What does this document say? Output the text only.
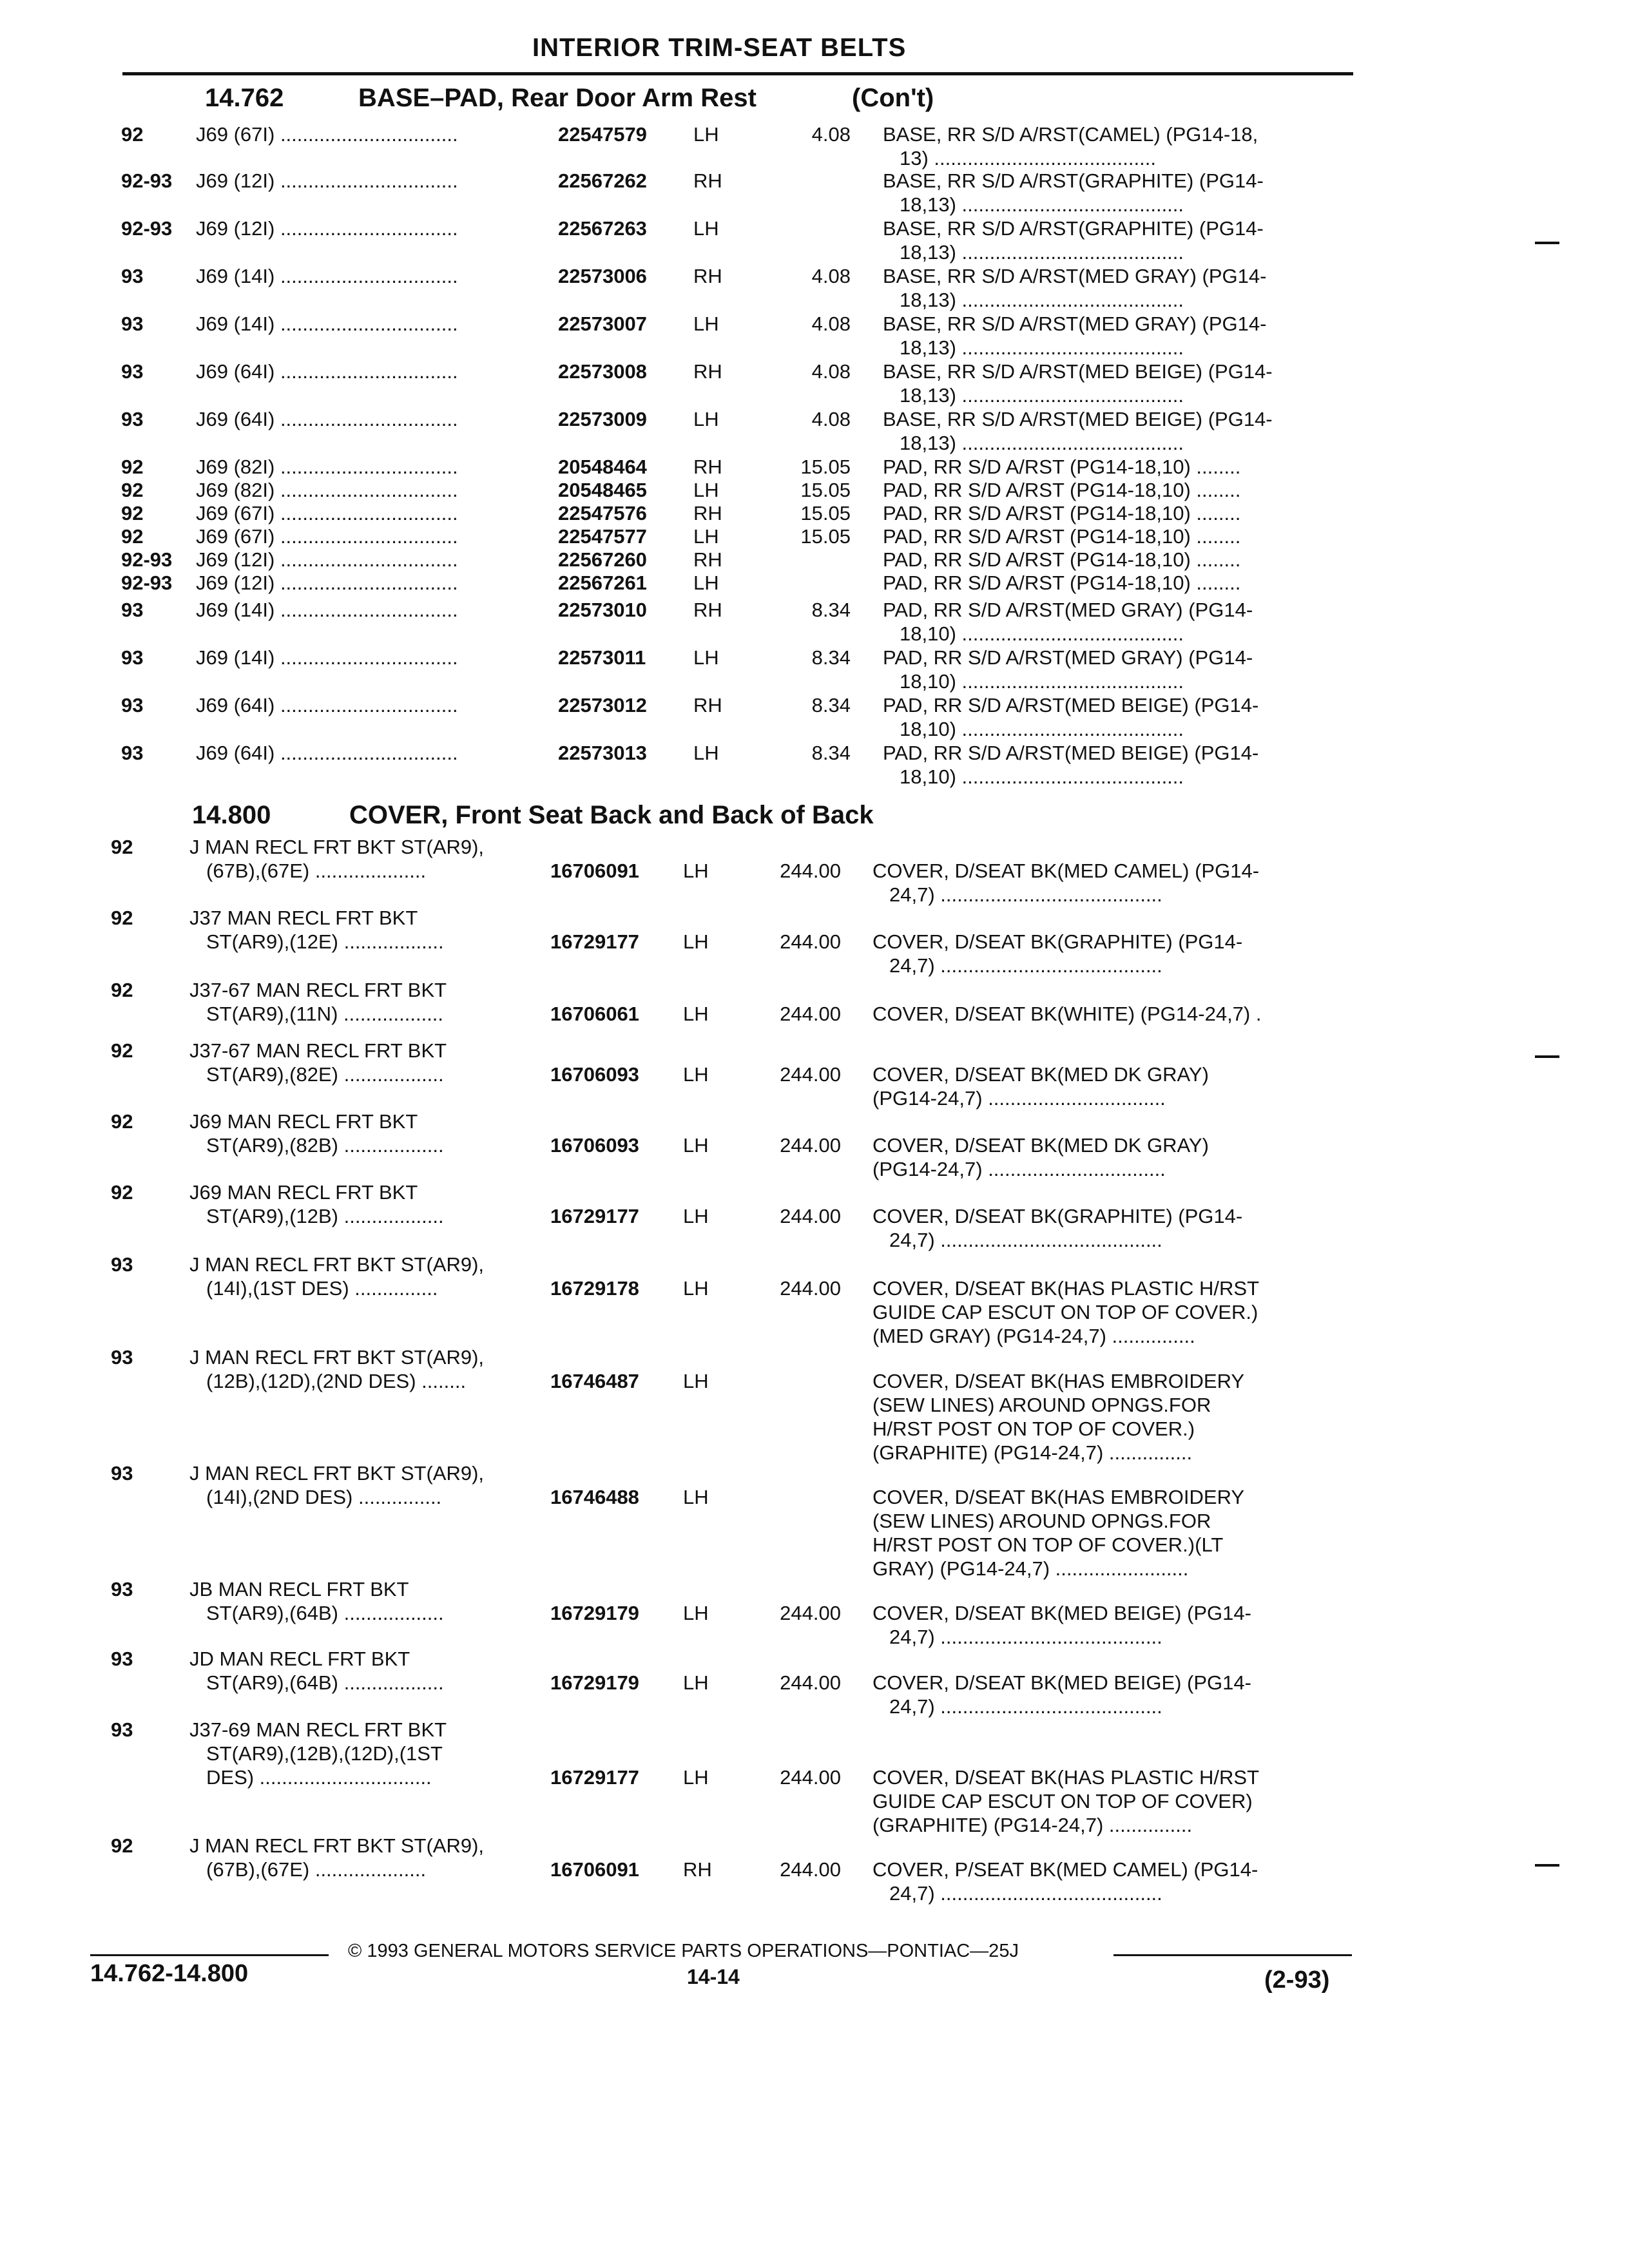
INTERIOR TRIM-SEAT BELTS
14.762	BASE–PAD, Rear Door Arm Rest	(Con't)
92	J69 (67I) ................................	22547579 LH	4.08 BASE, RR S/D A/RST(CAMEL) (PG14-18,
13) ........................................
92-93 J69 (12I) ................................	22567262 RH	BASE, RR S/D A/RST(GRAPHITE) (PG14-
18,13) ........................................
92-93 J69 (12I) ................................	22567263 LH	BASE, RR S/D A/RST(GRAPHITE) (PG14-
18,13) ........................................
93	J69 (14I) ................................	22573006 RH	4.08 BASE, RR S/D A/RST(MED GRAY) (PG14-
18,13) ........................................
93	J69 (14I) ................................	22573007 LH	4.08 BASE, RR S/D A/RST(MED GRAY) (PG14-
18,13) ........................................
93	J69 (64I) ................................	22573008 RH	4.08 BASE, RR S/D A/RST(MED BEIGE) (PG14-
18,13) ........................................
93	J69 (64I) ................................	22573009 LH	4.08 BASE, RR S/D A/RST(MED BEIGE) (PG14-
18,13) ........................................
92	J69 (82I) ................................	20548464 RH	15.05 PAD, RR S/D A/RST (PG14-18,10) ........
92	J69 (82I) ................................	20548465 LH	15.05 PAD, RR S/D A/RST (PG14-18,10) ........
92	J69 (67I) ................................	22547576 RH	15.05 PAD, RR S/D A/RST (PG14-18,10) ........
92	J69 (67I) ................................	22547577 LH	15.05 PAD, RR S/D A/RST (PG14-18,10) ........
92-93 J69 (12I) ................................	22567260 RH	PAD, RR S/D A/RST (PG14-18,10) ........
92-93 J69 (12I) ................................	22567261 LH	PAD, RR S/D A/RST (PG14-18,10) ........
93	J69 (14I) ................................	22573010 RH	8.34 PAD, RR S/D A/RST(MED GRAY) (PG14-
18,10) ........................................
93	J69 (14I) ................................	22573011 LH	8.34 PAD, RR S/D A/RST(MED GRAY) (PG14-
18,10) ........................................
93	J69 (64I) ................................	22573012 RH	8.34 PAD, RR S/D A/RST(MED BEIGE) (PG14-
18,10) ........................................
93	J69 (64I) ................................	22573013 LH	8.34 PAD, RR S/D A/RST(MED BEIGE) (PG14-
18,10) ........................................
14.800	COVER, Front Seat Back and Back of Back
92	J MAN RECL FRT BKT ST(AR9),
(67B),(67E) ....................	16706091 LH	244.00 COVER, D/SEAT BK(MED CAMEL) (PG14-
24,7) ........................................
92	J37 MAN RECL FRT BKT
ST(AR9),(12E) ..................	16729177 LH	244.00 COVER, D/SEAT BK(GRAPHITE) (PG14-
24,7) ........................................
92	J37-67 MAN RECL FRT BKT
ST(AR9),(11N) ..................	16706061 LH	244.00 COVER, D/SEAT BK(WHITE) (PG14-24,7) .
92	J37-67 MAN RECL FRT BKT
ST(AR9),(82E) ..................	16706093 LH	244.00 COVER, D/SEAT BK(MED DK GRAY)
(PG14-24,7) ................................
92	J69 MAN RECL FRT BKT
ST(AR9),(82B) ..................	16706093 LH	244.00 COVER, D/SEAT BK(MED DK GRAY)
(PG14-24,7) ................................
92	J69 MAN RECL FRT BKT
ST(AR9),(12B) ..................	16729177 LH	244.00 COVER, D/SEAT BK(GRAPHITE) (PG14-
24,7) ........................................
93	J MAN RECL FRT BKT ST(AR9),
(14I),(1ST DES) ...............	16729178 LH	244.00 COVER, D/SEAT BK(HAS PLASTIC H/RST
GUIDE CAP ESCUT ON TOP OF COVER.)
(MED GRAY) (PG14-24,7) ...............
93	J MAN RECL FRT BKT ST(AR9),
(12B),(12D),(2ND DES) ........	16746487 LH	COVER, D/SEAT BK(HAS EMBROIDERY
(SEW LINES) AROUND OPNGS.FOR
H/RST POST ON TOP OF COVER.)
(GRAPHITE) (PG14-24,7) ...............
93	J MAN RECL FRT BKT ST(AR9),
(14I),(2ND DES) ...............	16746488 LH	COVER, D/SEAT BK(HAS EMBROIDERY
(SEW LINES) AROUND OPNGS.FOR
H/RST POST ON TOP OF COVER.)(LT
GRAY) (PG14-24,7) ........................
93	JB MAN RECL FRT BKT
ST(AR9),(64B) ..................	16729179 LH	244.00 COVER, D/SEAT BK(MED BEIGE) (PG14-
24,7) ........................................
93	JD MAN RECL FRT BKT
ST(AR9),(64B) ..................	16729179 LH	244.00 COVER, D/SEAT BK(MED BEIGE) (PG14-
24,7) ........................................
93	J37-69 MAN RECL FRT BKT
ST(AR9),(12B),(12D),(1ST
DES) ...............................	16729177 LH	244.00 COVER, D/SEAT BK(HAS PLASTIC H/RST
GUIDE CAP ESCUT ON TOP OF COVER)
(GRAPHITE) (PG14-24,7) ...............
92	J MAN RECL FRT BKT ST(AR9),
(67B),(67E) ....................	16706091 RH	244.00 COVER, P/SEAT BK(MED CAMEL) (PG14-
24,7) ........................................
© 1993 GENERAL MOTORS SERVICE PARTS OPERATIONS—PONTIAC—25J
14.762-14.800	14-14	(2-93)
